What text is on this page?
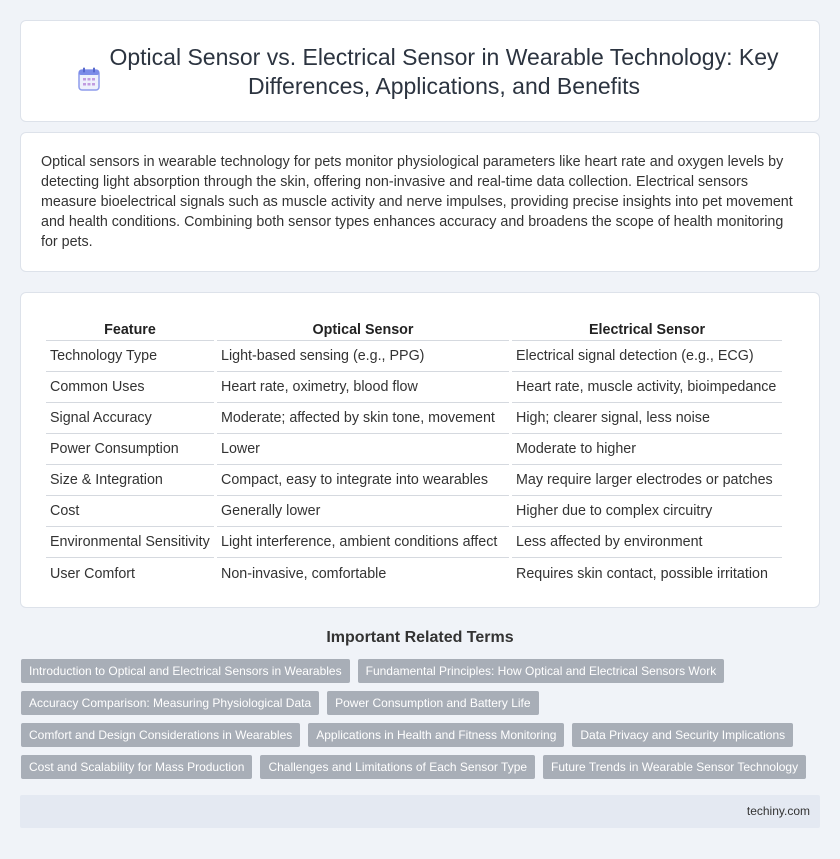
Optical Sensor vs. Electrical Sensor in Wearable Technology: Key Differences, Applications, and Benefits

Optical sensors in wearable technology for pets monitor physiological parameters like heart rate and oxygen levels by detecting light absorption through the skin, offering non-invasive and real-time data collection. Electrical sensors measure bioelectrical signals such as muscle activity and nerve impulses, providing precise insights into pet movement and health conditions. Combining both sensor types enhances accuracy and broadens the scope of health monitoring for pets.

Feature	Optical Sensor	Electrical Sensor
Technology Type	Light-based sensing (e.g., PPG)	Electrical signal detection (e.g., ECG)
Common Uses	Heart rate, oximetry, blood flow	Heart rate, muscle activity, bioimpedance
Signal Accuracy	Moderate; affected by skin tone, movement	High; clearer signal, less noise
Power Consumption	Lower	Moderate to higher
Size & Integration	Compact, easy to integrate into wearables	May require larger electrodes or patches
Cost	Generally lower	Higher due to complex circuitry
Environmental Sensitivity	Light interference, ambient conditions affect	Less affected by environment
User Comfort	Non-invasive, comfortable	Requires skin contact, possible irritation
Important Related Terms
Introduction to Optical and Electrical Sensors in Wearables	Fundamental Principles: How Optical and Electrical Sensors Work
Accuracy Comparison: Measuring Physiological Data	Power Consumption and Battery Life
Comfort and Design Considerations in Wearables	Applications in Health and Fitness Monitoring	Data Privacy and Security Implications
Cost and Scalability for Mass Production	Challenges and Limitations of Each Sensor Type	Future Trends in Wearable Sensor Technology
techiny.com
